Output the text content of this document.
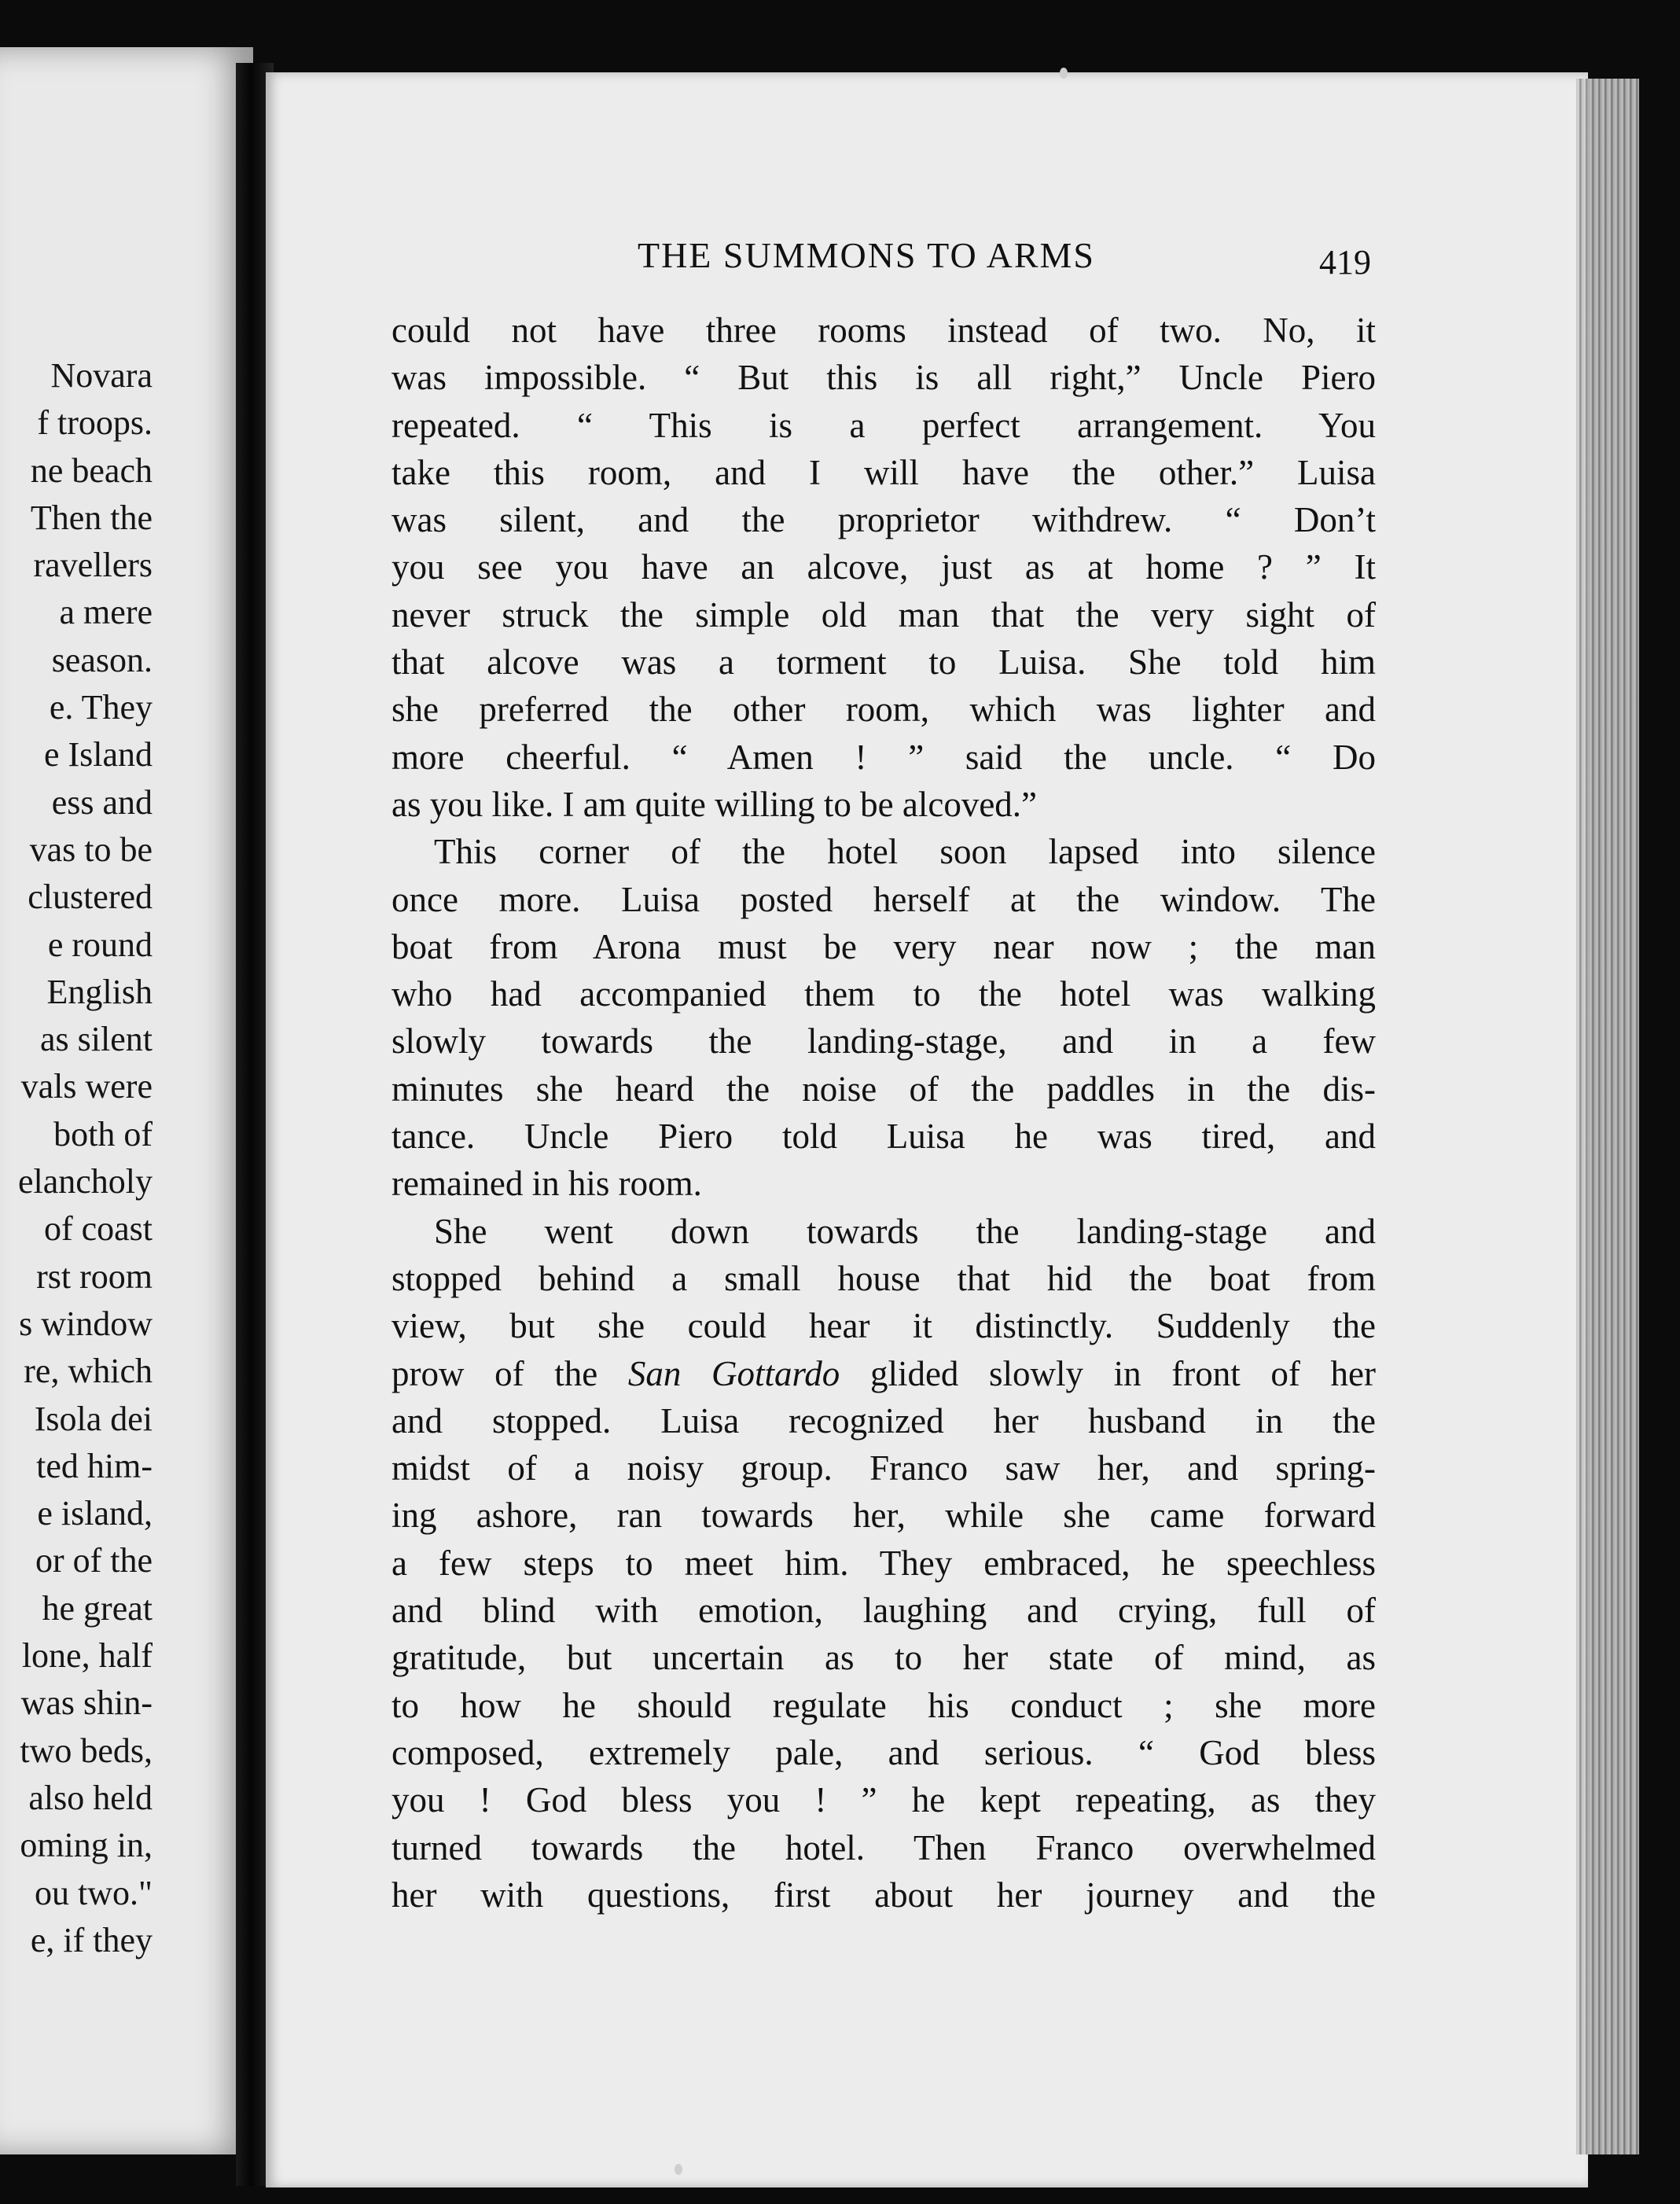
Novara
f troops.
ne beach
Then the
ravellers
a mere
season.
e. They
e Island
ess and
vas to be
clustered
e round
English
as silent
vals were
both of
elancholy
of coast
rst room
s window
re, which
Isola dei
ted him-
e island,
or of the
he great
lone, half
was shin-
two beds,
also held
oming in,
ou two."
e, if they
THE SUMMONS TO ARMS	419
could not have three rooms instead of two. No, it
was impossible. “ But this is all right,” Uncle Piero
repeated. “ This is a perfect arrangement. You
take this room, and I will have the other.” Luisa
was silent, and the proprietor withdrew. “ Don’t
you see you have an alcove, just as at home ? ” It
never struck the simple old man that the very sight of
that alcove was a torment to Luisa. She told him
she preferred the other room, which was lighter and
more cheerful. “ Amen ! ” said the uncle. “ Do
as you like. I am quite willing to be alcoved.”
This corner of the hotel soon lapsed into silence
once more. Luisa posted herself at the window. The
boat from Arona must be very near now ; the man
who had accompanied them to the hotel was walking
slowly towards the landing-stage, and in a few
minutes she heard the noise of the paddles in the dis-
tance. Uncle Piero told Luisa he was tired, and
remained in his room.
She went down towards the landing-stage and
stopped behind a small house that hid the boat from
view, but she could hear it distinctly. Suddenly the
prow of the San Gottardo glided slowly in front of her
and stopped. Luisa recognized her husband in the
midst of a noisy group. Franco saw her, and spring-
ing ashore, ran towards her, while she came forward
a few steps to meet him. They embraced, he speechless
and blind with emotion, laughing and crying, full of
gratitude, but uncertain as to her state of mind, as
to how he should regulate his conduct ; she more
composed, extremely pale, and serious. “ God bless
you ! God bless you ! ” he kept repeating, as they
turned towards the hotel. Then Franco overwhelmed
her with questions, first about her journey and the
